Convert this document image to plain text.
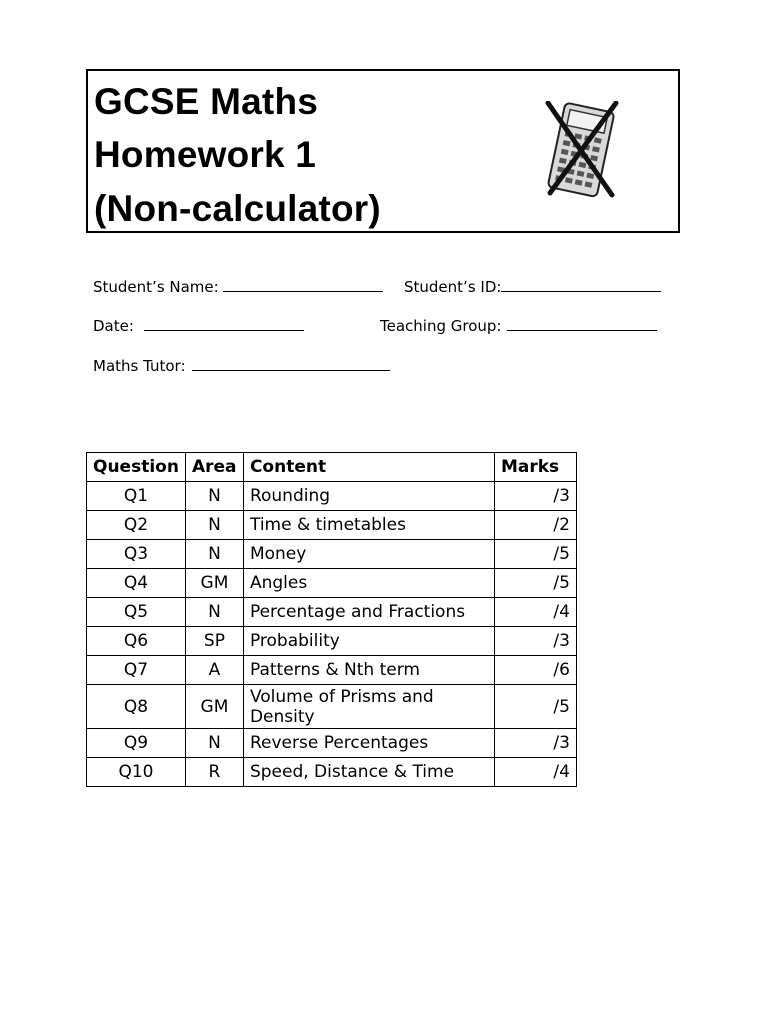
GCSE Maths
Homework 1
(Non-calculator)
Student’s Name:	Student’s ID:
Date:	Teaching Group:
Maths Tutor:
Question	Area	Content	Marks
Q1	N	Rounding	/3
Q2	N	Time & timetables	/2
Q3	N	Money	/5
Q4	GM	Angles	/5
Q5	N	Percentage and Fractions	/4
Q6	SP	Probability	/3
Q7	A	Patterns & Nth term	/6
Q8	GM	Volume of Prisms and Density	/5
Q9	N	Reverse Percentages	/3
Q10	R	Speed, Distance & Time	/4
